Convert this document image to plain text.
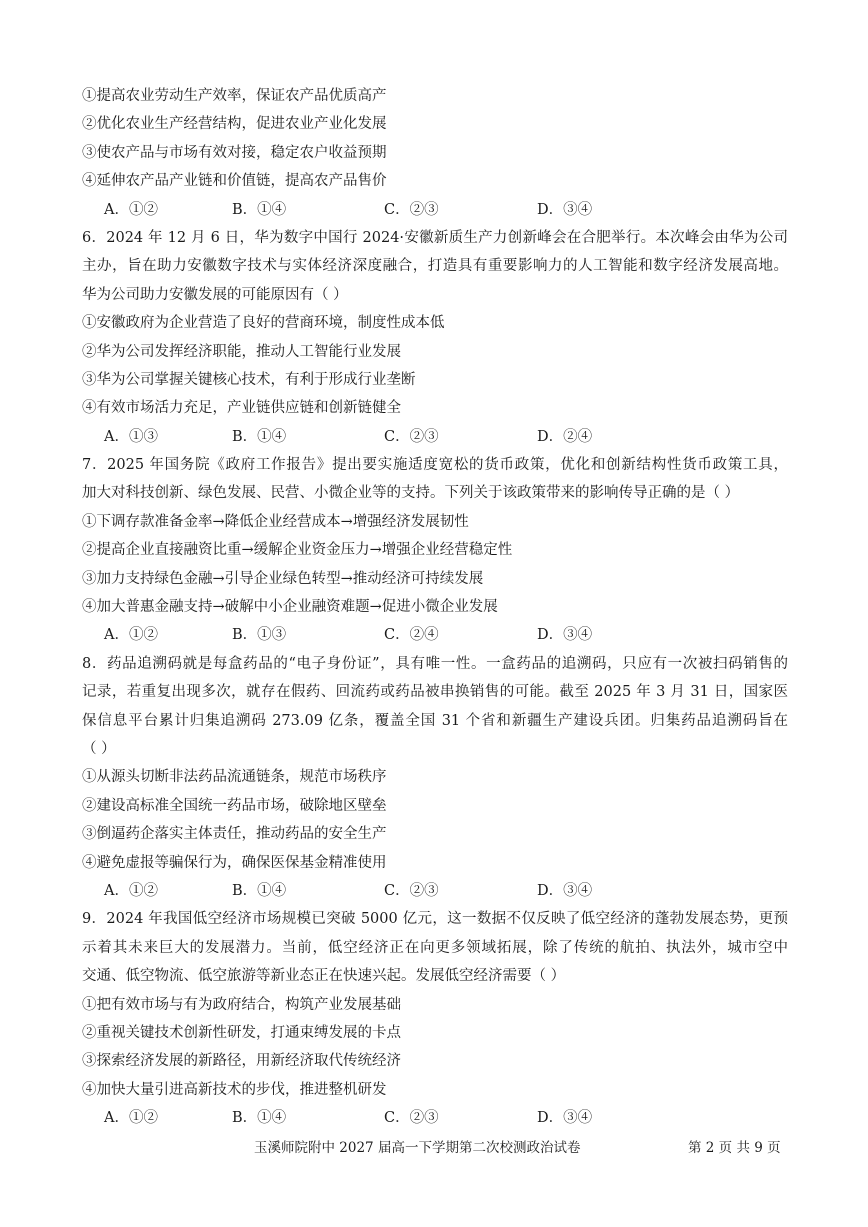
①提高农业劳动生产效率，保证农产品优质高产
②优化农业生产经营结构，促进农业产业化发展
③使农产品与市场有效对接，稳定农户收益预期
④延伸农产品产业链和价值链，提高农产品售价
A．①②	B．①④	C．②③	D．③④
6．2024 年 12 月 6 日，华为数字中国行 2024·安徽新质生产力创新峰会在合肥举行。本次峰会由华为公司
主办，旨在助力安徽数字技术与实体经济深度融合，打造具有重要影响力的人工智能和数字经济发展高地。
华为公司助力安徽发展的可能原因有（ ）
①安徽政府为企业营造了良好的营商环境，制度性成本低
②华为公司发挥经济职能，推动人工智能行业发展
③华为公司掌握关键核心技术，有利于形成行业垄断
④有效市场活力充足，产业链供应链和创新链健全
A．①③	B．①④	C．②③	D．②④
7．2025 年国务院《政府工作报告》提出要实施适度宽松的货币政策，优化和创新结构性货币政策工具，
加大对科技创新、绿色发展、民营、小微企业等的支持。下列关于该政策带来的影响传导正确的是（ ）
①下调存款准备金率→降低企业经营成本→增强经济发展韧性
②提高企业直接融资比重→缓解企业资金压力→增强企业经营稳定性
③加力支持绿色金融→引导企业绿色转型→推动经济可持续发展
④加大普惠金融支持→破解中小企业融资难题→促进小微企业发展
A．①②	B．①③	C．②④	D．③④
8．药品追溯码就是每盒药品的“电子身份证”，具有唯一性。一盒药品的追溯码，只应有一次被扫码销售的
记录，若重复出现多次，就存在假药、回流药或药品被串换销售的可能。截至 2025 年 3 月 31 日，国家医
保信息平台累计归集追溯码 273.09 亿条，覆盖全国 31 个省和新疆生产建设兵团。归集药品追溯码旨在
（ ）
①从源头切断非法药品流通链条，规范市场秩序
②建设高标准全国统一药品市场，破除地区壁垒
③倒逼药企落实主体责任，推动药品的安全生产
④避免虚报等骗保行为，确保医保基金精准使用
A．①②	B．①④	C．②③	D．③④
9．2024 年我国低空经济市场规模已突破 5000 亿元，这一数据不仅反映了低空经济的蓬勃发展态势，更预
示着其未来巨大的发展潜力。当前，低空经济正在向更多领域拓展，除了传统的航拍、执法外，城市空中
交通、低空物流、低空旅游等新业态正在快速兴起。发展低空经济需要（ ）
①把有效市场与有为政府结合，构筑产业发展基础
②重视关键技术创新性研发，打通束缚发展的卡点
③探索经济发展的新路径，用新经济取代传统经济
④加快大量引进高新技术的步伐，推进整机研发
A．①②	B．①④	C．②③	D．③④
玉溪师院附中 2027 届高一下学期第二次校测政治试卷	第 2 页 共 9 页
